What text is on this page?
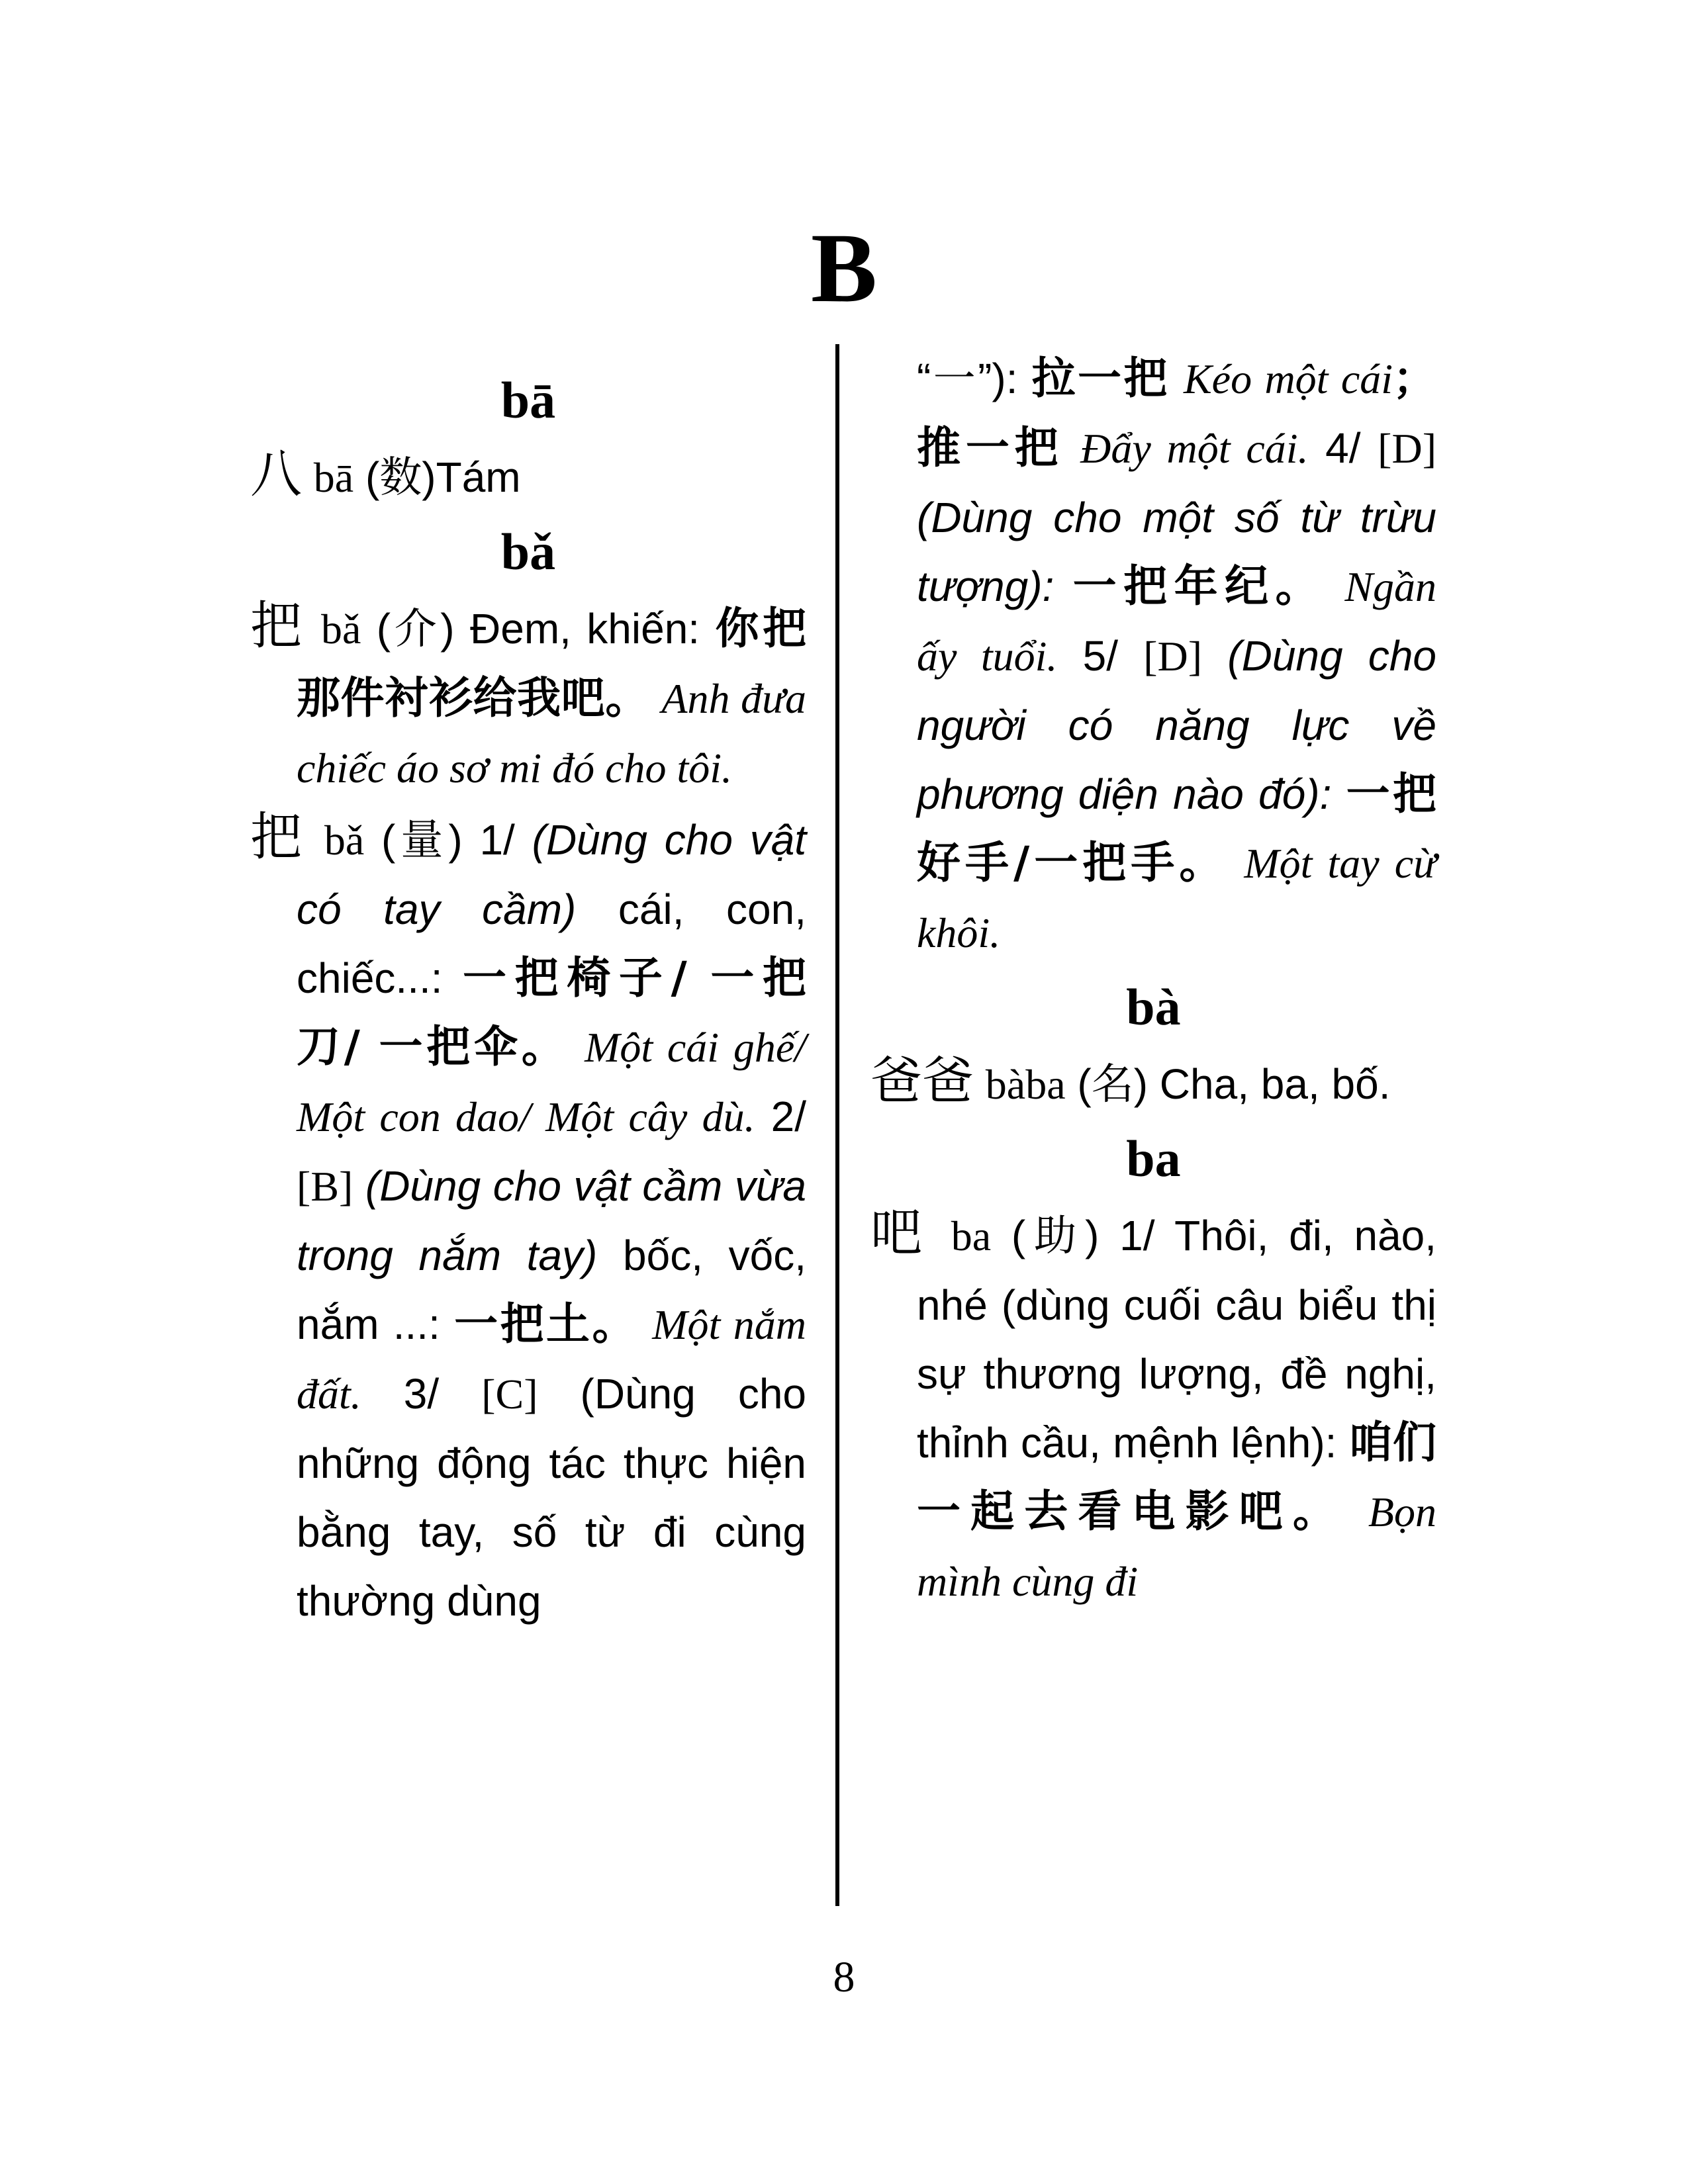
B

bā

八 bā (数)Tám

bǎ

把 bǎ (介) Đem, khiến: 你把那件衬衫给我吧。 Anh đưa chiếc áo sơ mi đó cho tôi.

把 bǎ (量) 1/ (Dùng cho vật có tay cầm) cái, con, chiếc...: 一把椅子/ 一把刀/ 一把伞。 Một cái ghế/ Một con dao/ Một cây dù. 2/ [B] (Dùng cho vật cầm vừa trong nắm tay) bốc, vốc, nắm ...: 一把土。 Một nắm đất. 3/ [C] (Dùng cho những động tác thực hiện bằng tay, số từ đi cùng thường dùng

“一”): 拉一把 Kéo một cái；推一把 Đẩy một cái. 4/ [D] (Dùng cho một số từ trừu tượng): 一把年纪。 Ngần ấy tuổi. 5/ [D] (Dùng cho người có năng lực về phương diện nào đó): 一把好手/一把手。 Một tay cừ khôi.

bà

爸爸 bàba (名) Cha, ba, bố.

ba

吧 ba (助) 1/ Thôi, đi, nào, nhé (dùng cuối câu biểu thị sự thương lượng, đề nghị, thỉnh cầu, mệnh lệnh): 咱们一起去看电影吧。 Bọn mình cùng đi

8
